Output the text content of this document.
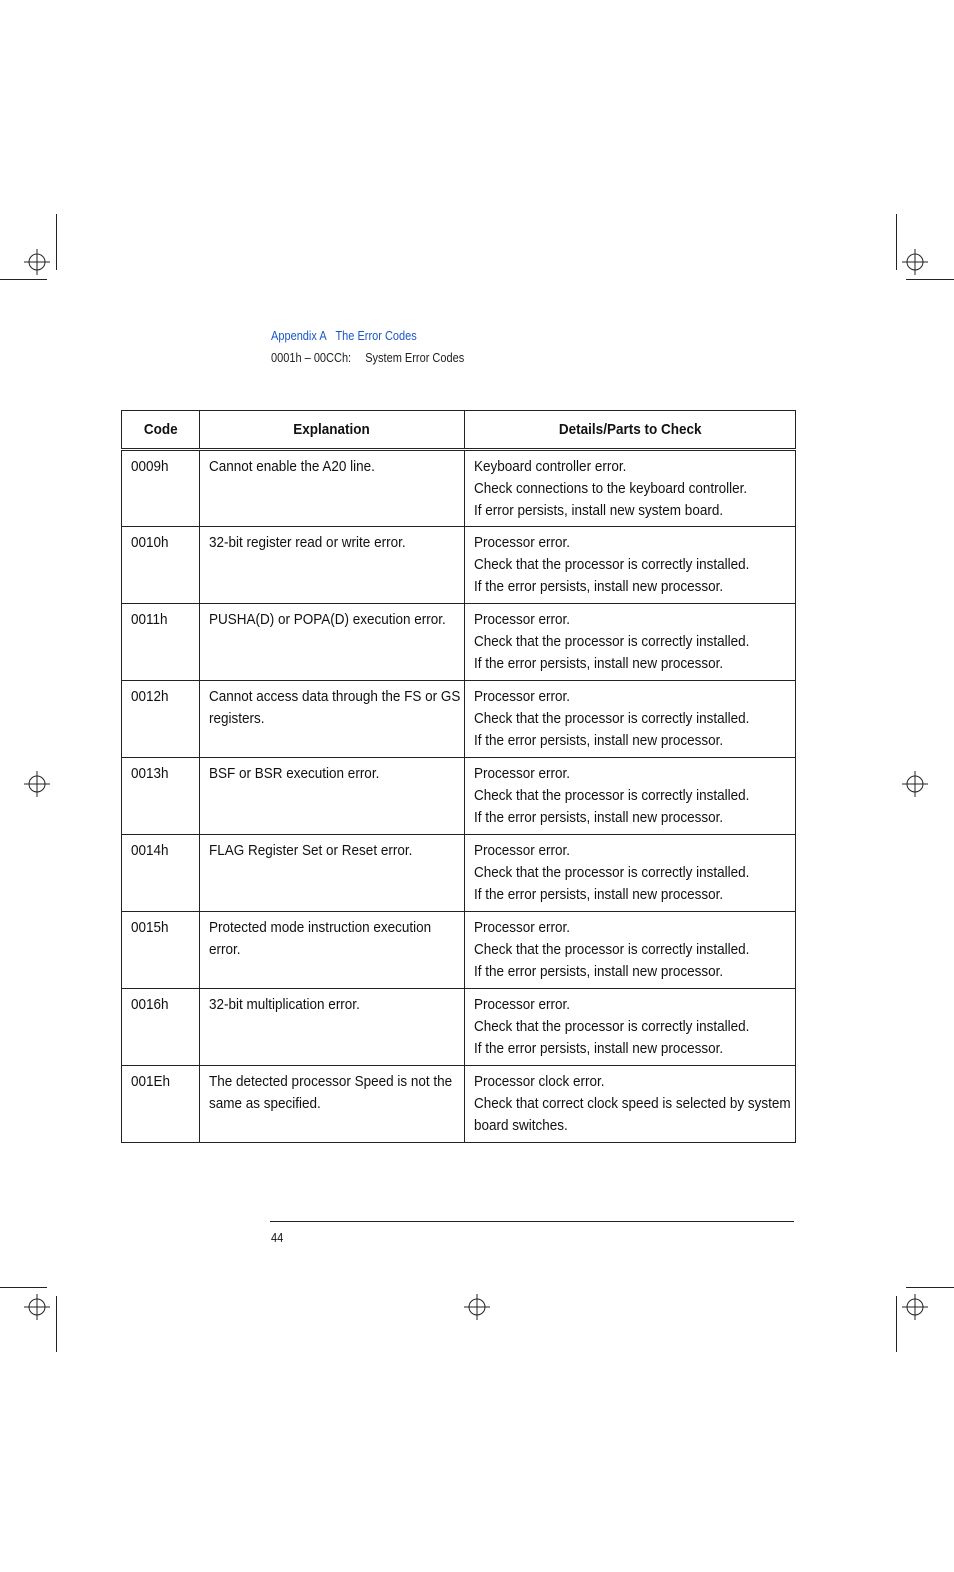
Appendix A The Error Codes
0001h – 00CCh: System Error Codes
Code	Explanation	Details/Parts to Check

0009h	Cannot enable the A20 line.	Keyboard controller error.
Check connections to the keyboard controller.
If error persists, install new system board.

0010h	32-bit register read or write error.	Processor error.
Check that the processor is correctly installed.
If the error persists, install new processor.

0011h	PUSHA(D) or POPA(D) execution error.	Processor error.
Check that the processor is correctly installed.
If the error persists, install new processor.

0012h	Cannot access data through the FS or GS
registers.	Processor error.
Check that the processor is correctly installed.
If the error persists, install new processor.

0013h	BSF or BSR execution error.	Processor error.
Check that the processor is correctly installed.
If the error persists, install new processor.

0014h	FLAG Register Set or Reset error.	Processor error.
Check that the processor is correctly installed.
If the error persists, install new processor.

0015h	Protected mode instruction execution
error.	Processor error.
Check that the processor is correctly installed.
If the error persists, install new processor.

0016h	32-bit multiplication error.	Processor error.
Check that the processor is correctly installed.
If the error persists, install new processor.

001Eh	The detected processor Speed is not the
same as specified.	Processor clock error.
Check that correct clock speed is selected by system
board switches.
44
